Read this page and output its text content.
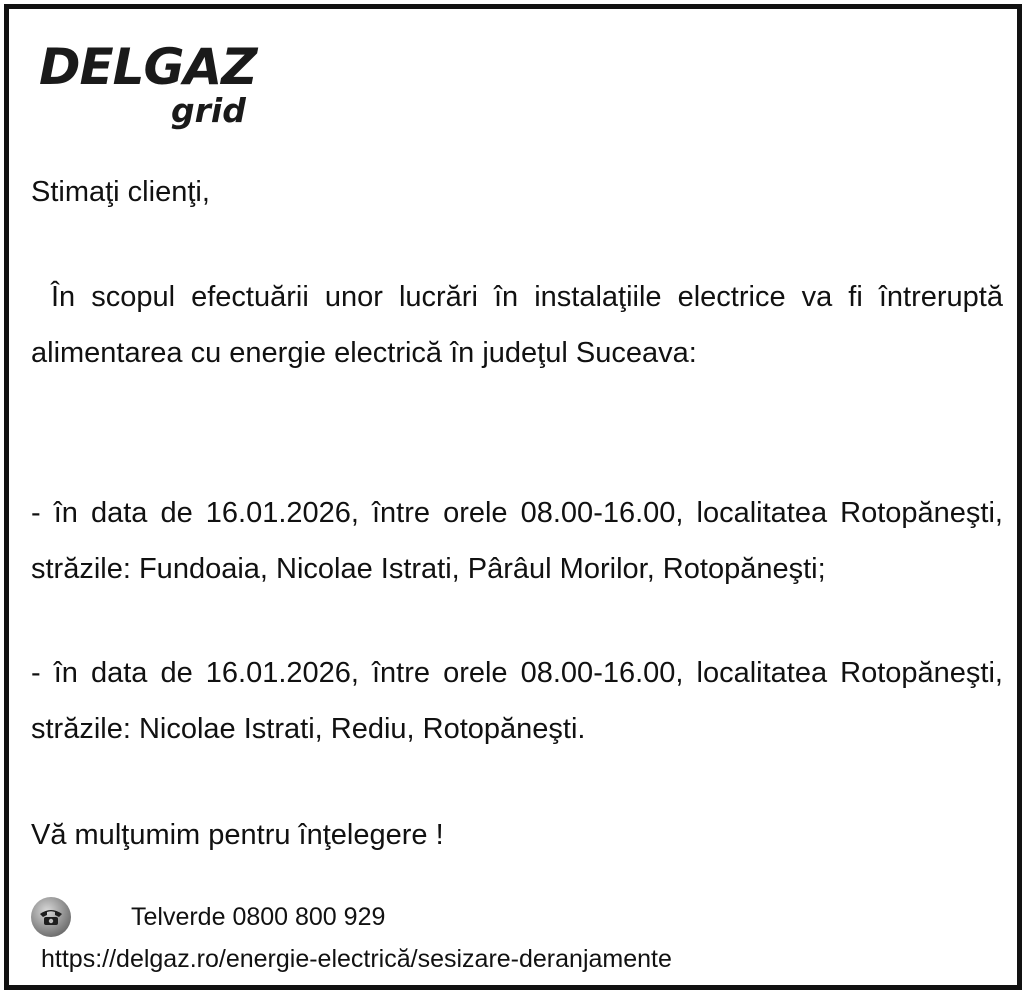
DELGAZ
grid

Stimaţi clienţi,

În scopul efectuării unor lucrări în instalaţiile electrice va fi întreruptă alimentarea cu energie electrică în judeţul Suceava:

- în data de 16.01.2026, între orele 08.00-16.00, localitatea Rotopăneşti, străzile: Fundoaia, Nicolae Istrati, Pârâul Morilor, Rotopăneşti;

- în data de 16.01.2026, între orele 08.00-16.00, localitatea Rotopăneşti, străzile: Nicolae Istrati, Rediu, Rotopăneşti.

Vă mulţumim pentru înţelegere !

Telverde 0800 800 929
https://delgaz.ro/energie-electrică/sesizare-deranjamente
